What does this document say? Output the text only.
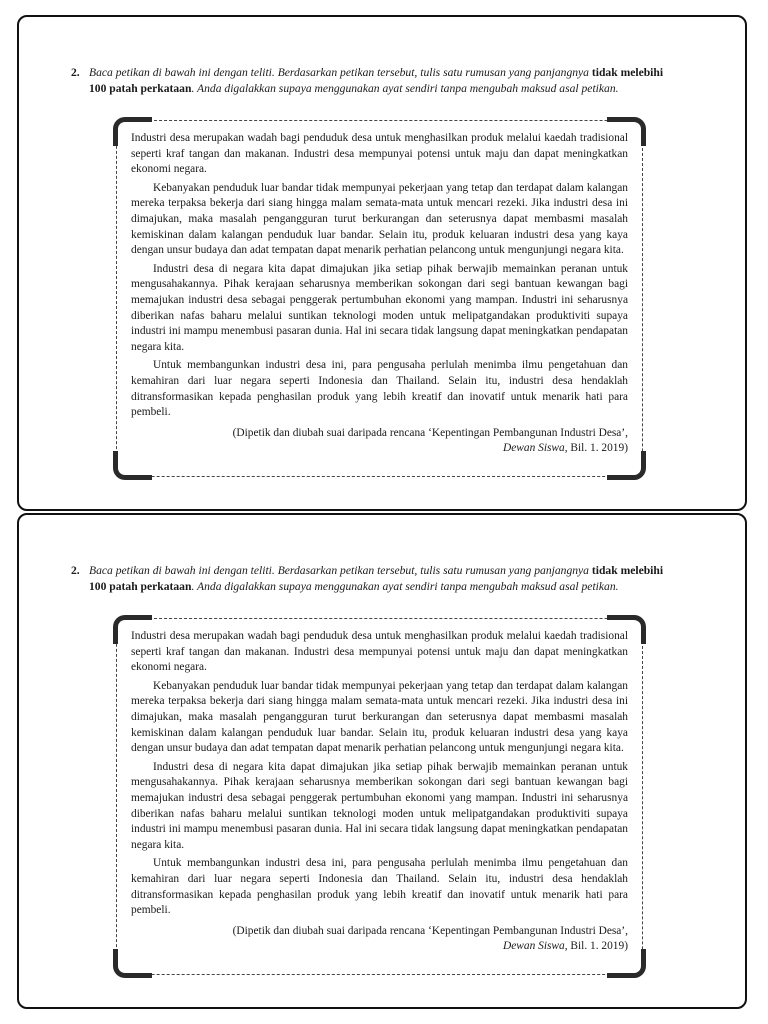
2. Baca petikan di bawah ini dengan teliti. Berdasarkan petikan tersebut, tulis satu rumusan yang panjangnya tidak melebihi 100 patah perkataan. Anda digalakkan supaya menggunakan ayat sendiri tanpa mengubah maksud asal petikan.

Industri desa merupakan wadah bagi penduduk desa untuk menghasilkan produk melalui kaedah tradisional seperti kraf tangan dan makanan. Industri desa mempunyai potensi untuk maju dan dapat meningkatkan ekonomi negara.

Kebanyakan penduduk luar bandar tidak mempunyai pekerjaan yang tetap dan terdapat dalam kalangan mereka terpaksa bekerja dari siang hingga malam semata-mata untuk mencari rezeki. Jika industri desa ini dimajukan, maka masalah pengangguran turut berkurangan dan seterusnya dapat membasmi masalah kemiskinan dalam kalangan penduduk luar bandar. Selain itu, produk keluaran industri desa yang kaya dengan unsur budaya dan adat tempatan dapat menarik perhatian pelancong untuk mengunjungi negara kita.

Industri desa di negara kita dapat dimajukan jika setiap pihak berwajib memainkan peranan untuk mengusahakannya. Pihak kerajaan seharusnya memberikan sokongan dari segi bantuan kewangan bagi memajukan industri desa sebagai penggerak pertumbuhan ekonomi yang mampan. Industri ini seharusnya diberikan nafas baharu melalui suntikan teknologi moden untuk melipatgandakan produktiviti supaya industri ini mampu menembusi pasaran dunia. Hal ini secara tidak langsung dapat meningkatkan pendapatan negara kita.

Untuk membangunkan industri desa ini, para pengusaha perlulah menimba ilmu pengetahuan dan kemahiran dari luar negara seperti Indonesia dan Thailand. Selain itu, industri desa hendaklah ditransformasikan kepada penghasilan produk yang lebih kreatif dan inovatif untuk menarik hati para pembeli.

(Dipetik dan diubah suai daripada rencana ‘Kepentingan Pembangunan Industri Desa’,
Dewan Siswa, Bil. 1. 2019)
2. Baca petikan di bawah ini dengan teliti. Berdasarkan petikan tersebut, tulis satu rumusan yang panjangnya tidak melebihi 100 patah perkataan. Anda digalakkan supaya menggunakan ayat sendiri tanpa mengubah maksud asal petikan.

Industri desa merupakan wadah bagi penduduk desa untuk menghasilkan produk melalui kaedah tradisional seperti kraf tangan dan makanan. Industri desa mempunyai potensi untuk maju dan dapat meningkatkan ekonomi negara.

Kebanyakan penduduk luar bandar tidak mempunyai pekerjaan yang tetap dan terdapat dalam kalangan mereka terpaksa bekerja dari siang hingga malam semata-mata untuk mencari rezeki. Jika industri desa ini dimajukan, maka masalah pengangguran turut berkurangan dan seterusnya dapat membasmi masalah kemiskinan dalam kalangan penduduk luar bandar. Selain itu, produk keluaran industri desa yang kaya dengan unsur budaya dan adat tempatan dapat menarik perhatian pelancong untuk mengunjungi negara kita.

Industri desa di negara kita dapat dimajukan jika setiap pihak berwajib memainkan peranan untuk mengusahakannya. Pihak kerajaan seharusnya memberikan sokongan dari segi bantuan kewangan bagi memajukan industri desa sebagai penggerak pertumbuhan ekonomi yang mampan. Industri ini seharusnya diberikan nafas baharu melalui suntikan teknologi moden untuk melipatgandakan produktiviti supaya industri ini mampu menembusi pasaran dunia. Hal ini secara tidak langsung dapat meningkatkan pendapatan negara kita.

Untuk membangunkan industri desa ini, para pengusaha perlulah menimba ilmu pengetahuan dan kemahiran dari luar negara seperti Indonesia dan Thailand. Selain itu, industri desa hendaklah ditransformasikan kepada penghasilan produk yang lebih kreatif dan inovatif untuk menarik hati para pembeli.

(Dipetik dan diubah suai daripada rencana ‘Kepentingan Pembangunan Industri Desa’,
Dewan Siswa, Bil. 1. 2019)
